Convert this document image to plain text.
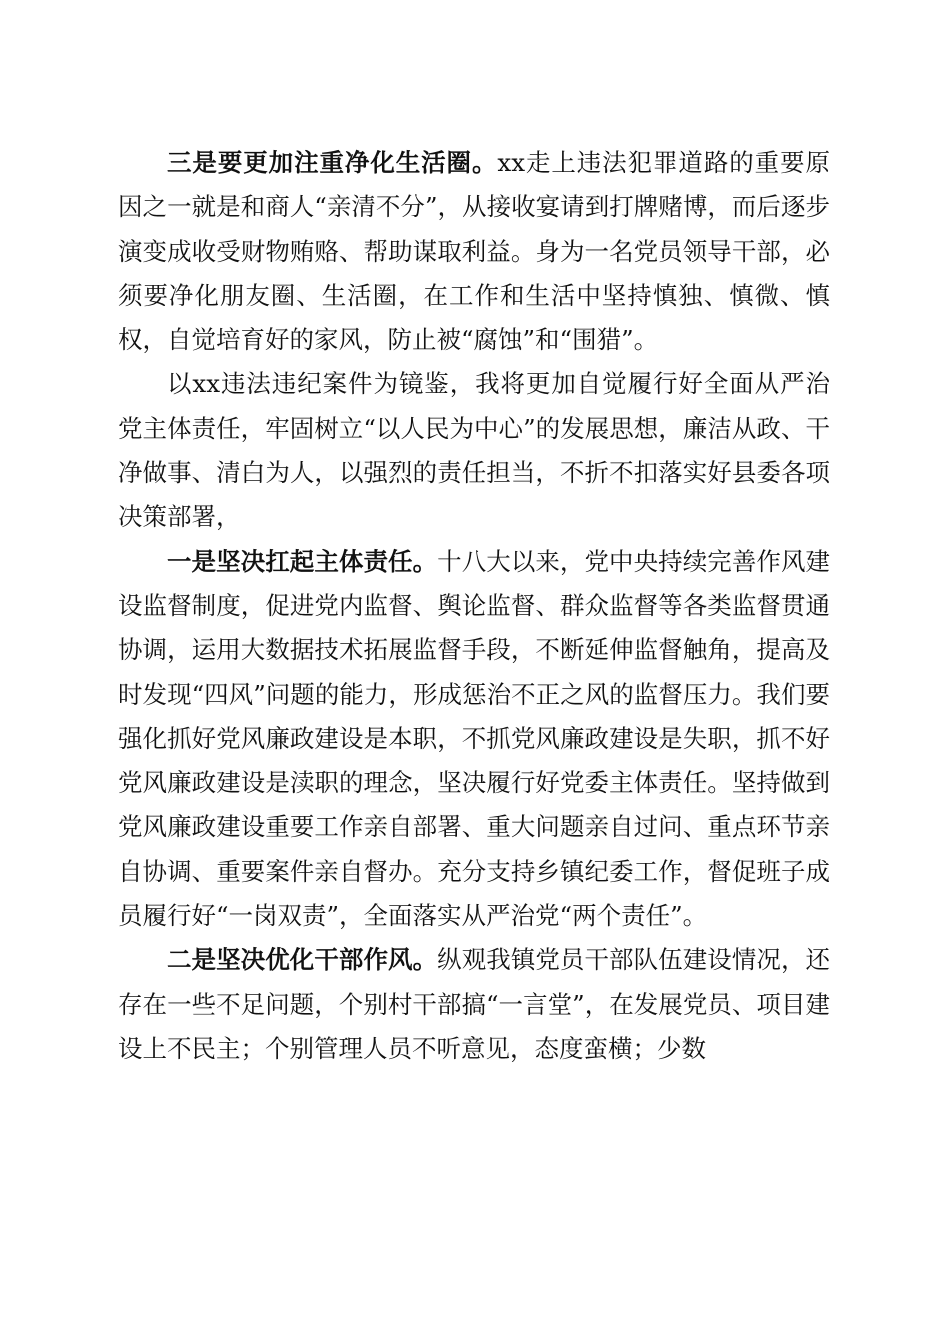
三是要更加注重净化生活圈。xx走上违法犯罪道路的重要原因之一就是和商人“亲清不分”，从接收宴请到打牌赌博，而后逐步演变成收受财物贿赂、帮助谋取利益。身为一名党员领导干部，必须要净化朋友圈、生活圈，在工作和生活中坚持慎独、慎微、慎权，自觉培育好的家风，防止被“腐蚀”和“围猎”。

以xx违法违纪案件为镜鉴，我将更加自觉履行好全面从严治党主体责任，牢固树立“以人民为中心”的发展思想，廉洁从政、干净做事、清白为人，以强烈的责任担当，不折不扣落实好县委各项决策部署，

一是坚决扛起主体责任。十八大以来，党中央持续完善作风建设监督制度，促进党内监督、舆论监督、群众监督等各类监督贯通协调，运用大数据技术拓展监督手段，不断延伸监督触角，提高及时发现“四风”问题的能力，形成惩治不正之风的监督压力。我们要强化抓好党风廉政建设是本职，不抓党风廉政建设是失职，抓不好党风廉政建设是渎职的理念，坚决履行好党委主体责任。坚持做到党风廉政建设重要工作亲自部署、重大问题亲自过问、重点环节亲自协调、重要案件亲自督办。充分支持乡镇纪委工作，督促班子成员履行好“一岗双责”，全面落实从严治党“两个责任”。

二是坚决优化干部作风。纵观我镇党员干部队伍建设情况，还存在一些不足问题，个别村干部搞“一言堂”，在发展党员、项目建设上不民主；个别管理人员不听意见，态度蛮横；少数
